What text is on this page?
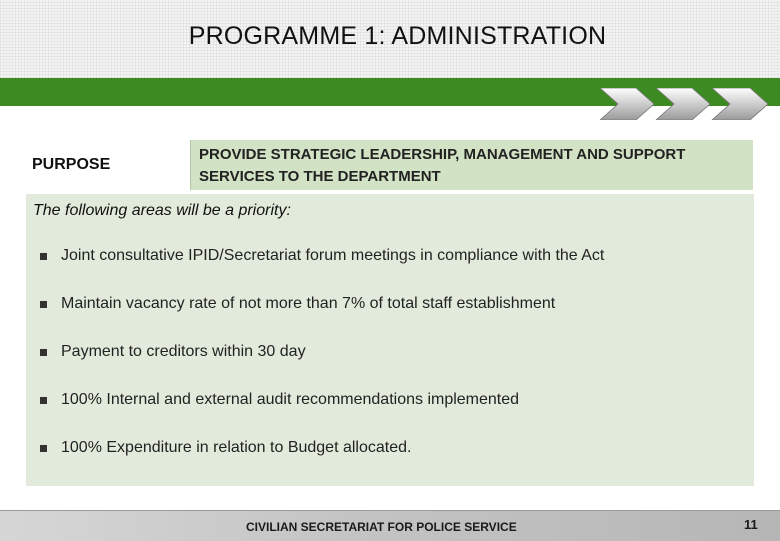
PROGRAMME 1: ADMINISTRATION
PURPOSE
PROVIDE STRATEGIC LEADERSHIP, MANAGEMENT AND SUPPORT SERVICES TO THE DEPARTMENT
The following areas will be a priority:
Joint consultative IPID/Secretariat forum meetings in compliance with the Act
Maintain vacancy rate of not more than 7% of total staff establishment
Payment to creditors within 30 day
100% Internal and external audit recommendations implemented
100% Expenditure in relation to Budget allocated.
CIVILIAN SECRETARIAT FOR POLICE SERVICE	11
